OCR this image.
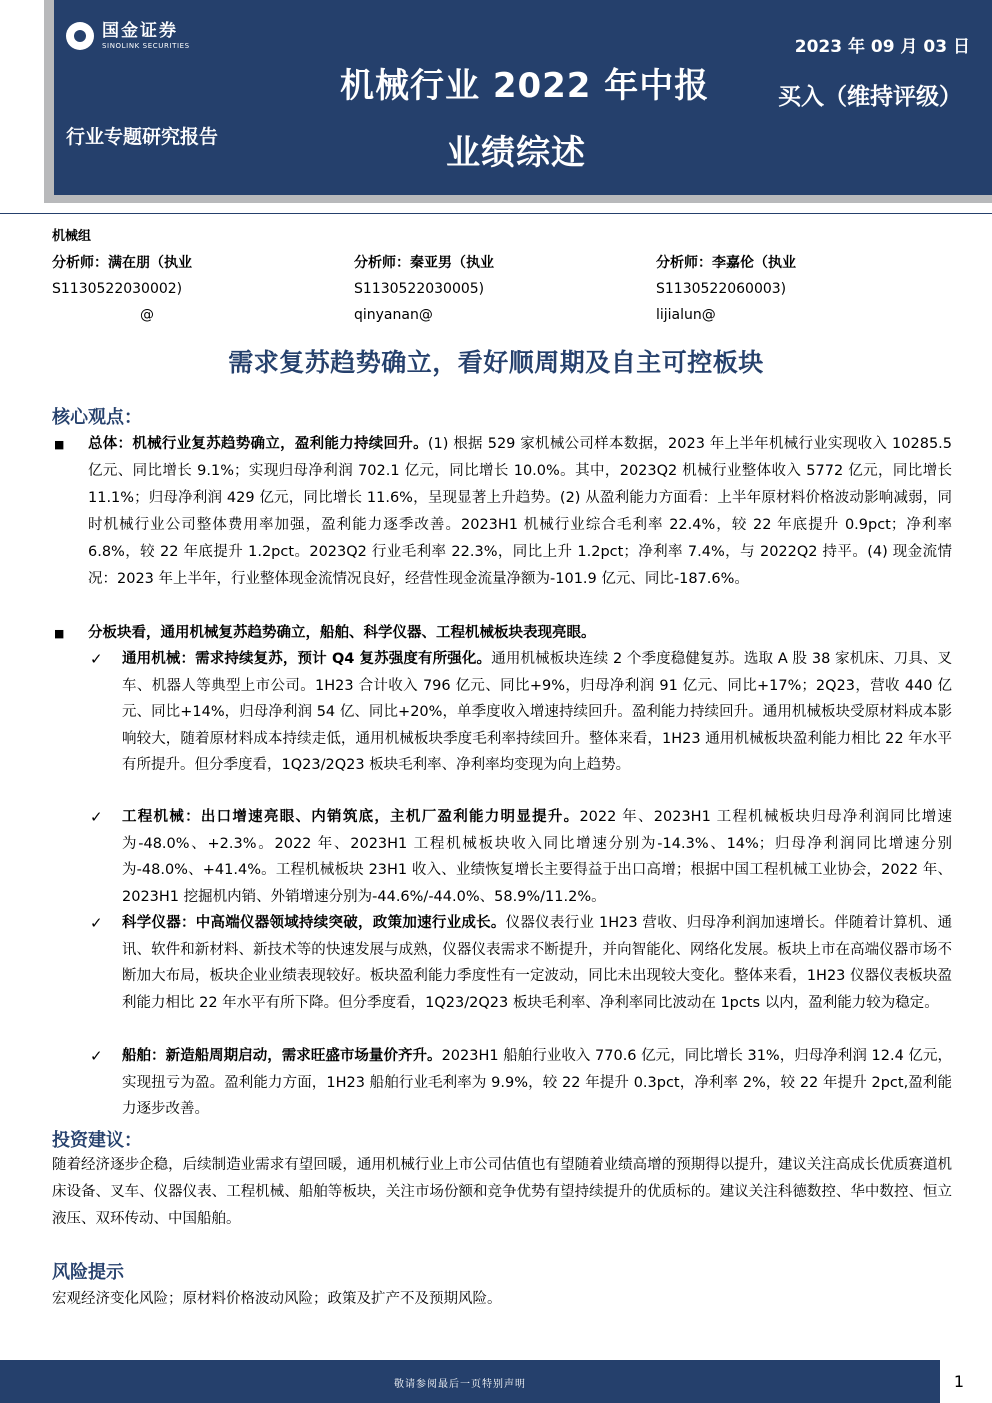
国金证券
SINOLINK SECURITIES	2023 年 09 月 03 日
机械行业 2022 年中报
业绩综述
买入（维持评级）
行业专题研究报告
机械组
分析师：满在朋（执业
S1130522030002)
@
分析师：秦亚男（执业
S1130522030005)
qinyanan@
分析师：李嘉伦（执业
S1130522060003)
lijialun@
需求复苏趋势确立，看好顺周期及自主可控板块
核心观点：
■ 总体：机械行业复苏趋势确立，盈利能力持续回升。(1) 根据 529 家机械公司样本数据，2023 年上半年机械行业实现收入 10285.5 亿元、同比增长 9.1%；实现归母净利润 702.1 亿元，同比增长 10.0%。其中，2023Q2 机械行业整体收入 5772 亿元，同比增长 11.1%；归母净利润 429 亿元，同比增长 11.6%，呈现显著上升趋势。(2) 从盈利能力方面看：上半年原材料价格波动影响减弱，同时机械行业公司整体费用率加强，盈利能力逐季改善。2023H1 机械行业综合毛利率 22.4%，较 22 年底提升 0.9pct；净利率 6.8%，较 22 年底提升 1.2pct。2023Q2 行业毛利率 22.3%，同比上升 1.2pct；净利率 7.4%，与 2022Q2 持平。(4) 现金流情况：2023 年上半年，行业整体现金流情况良好，经营性现金流量净额为-101.9 亿元、同比-187.6%。
■ 分板块看，通用机械复苏趋势确立，船舶、科学仪器、工程机械板块表现亮眼。
✓ 通用机械：需求持续复苏，预计 Q4 复苏强度有所强化。通用机械板块连续 2 个季度稳健复苏。选取 A 股 38 家机床、刀具、叉车、机器人等典型上市公司。1H23 合计收入 796 亿元、同比+9%，归母净利润 91 亿元、同比+17%；2Q23，营收 440 亿元、同比+14%，归母净利润 54 亿、同比+20%，单季度收入增速持续回升。盈利能力持续回升。通用机械板块受原材料成本影响较大，随着原材料成本持续走低，通用机械板块季度毛利率持续回升。整体来看，1H23 通用机械板块盈利能力相比 22 年水平有所提升。但分季度看，1Q23/2Q23 板块毛利率、净利率均变现为向上趋势。
✓ 工程机械：出口增速亮眼、内销筑底，主机厂盈利能力明显提升。2022 年、2023H1 工程机械板块归母净利润同比增速为-48.0%、+2.3%。2022 年、2023H1 工程机械板块收入同比增速分别为-14.3%、14%；归母净利润同比增速分别为-48.0%、+41.4%。工程机械板块 23H1 收入、业绩恢复增长主要得益于出口高增；根据中国工程机械工业协会，2022 年、2023H1 挖掘机内销、外销增速分别为-44.6%/-44.0%、58.9%/11.2%。
✓ 科学仪器：中高端仪器领域持续突破，政策加速行业成长。仪器仪表行业 1H23 营收、归母净利润加速增长。伴随着计算机、通讯、软件和新材料、新技术等的快速发展与成熟，仪器仪表需求不断提升，并向智能化、网络化发展。板块上市在高端仪器市场不断加大布局，板块企业业绩表现较好。板块盈利能力季度性有一定波动，同比未出现较大变化。整体来看，1H23 仪器仪表板块盈利能力相比 22 年水平有所下降。但分季度看，1Q23/2Q23 板块毛利率、净利率同比波动在 1pcts 以内，盈利能力较为稳定。
✓ 船舶：新造船周期启动，需求旺盛市场量价齐升。2023H1 船舶行业收入 770.6 亿元，同比增长 31%，归母净利润 12.4 亿元，实现扭亏为盈。盈利能力方面，1H23 船舶行业毛利率为 9.9%，较 22 年提升 0.3pct，净利率 2%，较 22 年提升 2pct,盈利能力逐步改善。
投资建议：
随着经济逐步企稳，后续制造业需求有望回暖，通用机械行业上市公司估值也有望随着业绩高增的预期得以提升，建议关注高成长优质赛道机床设备、叉车、仪器仪表、工程机械、船舶等板块，关注市场份额和竞争优势有望持续提升的优质标的。建议关注科德数控、华中数控、恒立液压、双环传动、中国船舶。
风险提示
宏观经济变化风险；原材料价格波动风险；政策及扩产不及预期风险。
敬请参阅最后一页特别声明	1
